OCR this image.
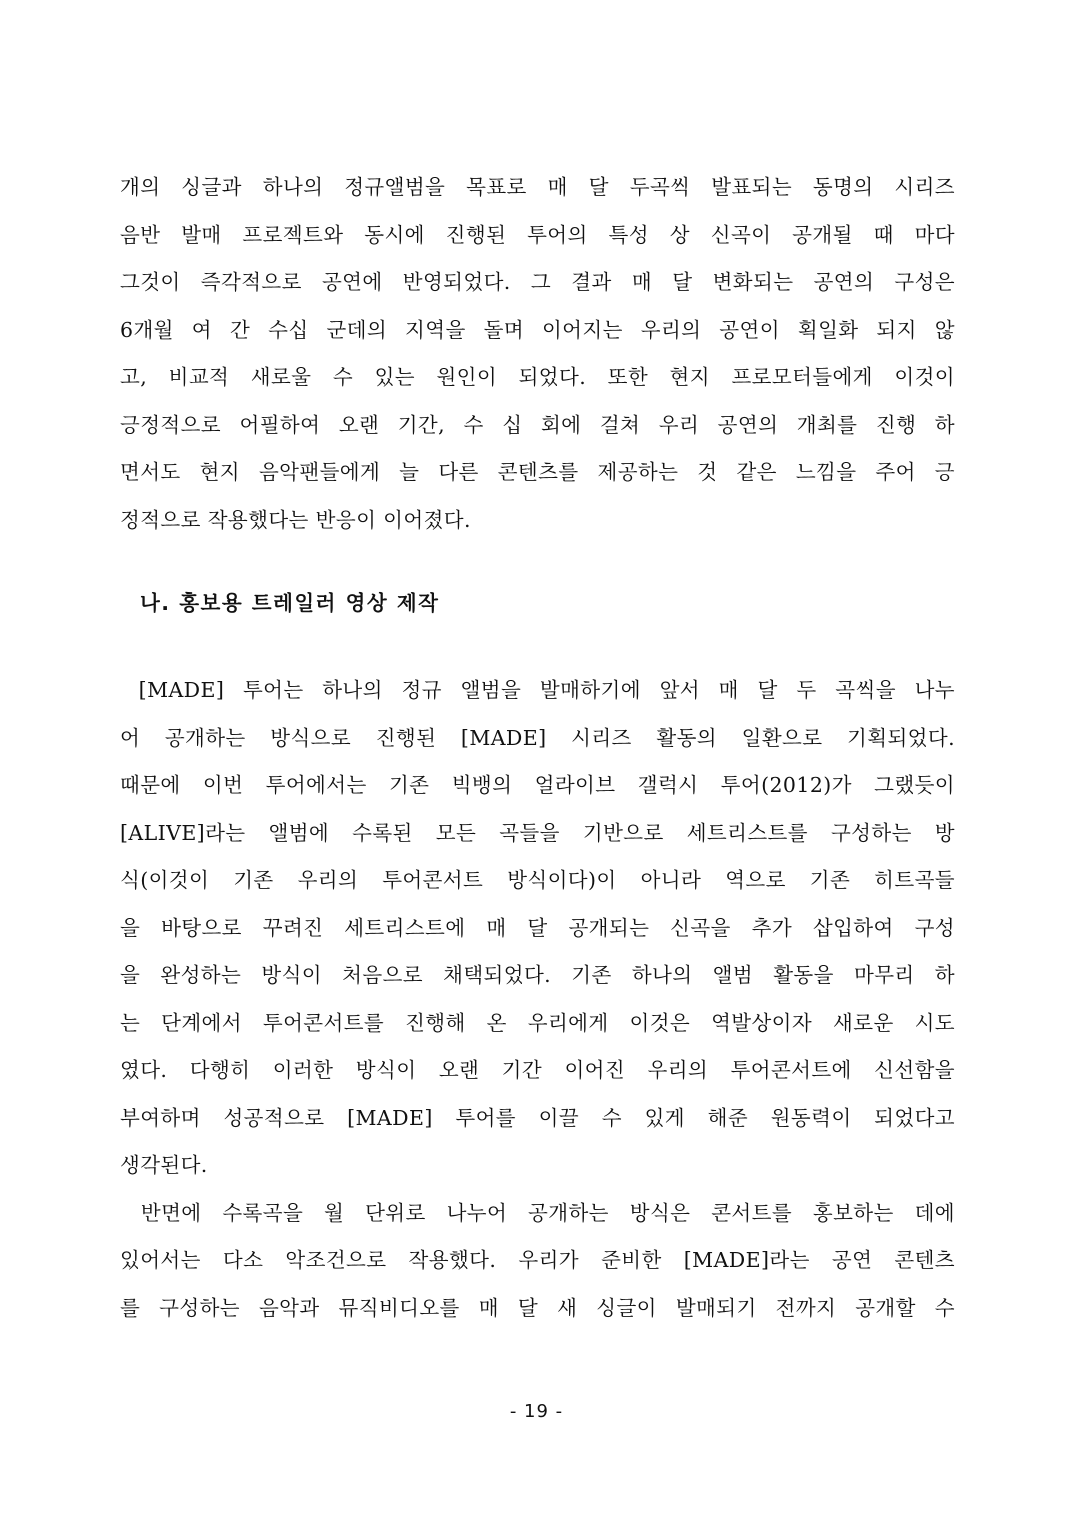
개의 싱글과 하나의 정규앨범을 목표로 매 달 두곡씩 발표되는 동명의 시리즈
음반 발매 프로젝트와 동시에 진행된 투어의 특성 상 신곡이 공개될 때 마다
그것이 즉각적으로 공연에 반영되었다. 그 결과 매 달 변화되는 공연의 구성은
6개월 여 간 수십 군데의 지역을 돌며 이어지는 우리의 공연이 획일화 되지 않
고, 비교적 새로울 수 있는 원인이 되었다. 또한 현지 프로모터들에게 이것이
긍정적으로 어필하여 오랜 기간, 수 십 회에 걸쳐 우리 공연의 개최를 진행 하
면서도 현지 음악팬들에게 늘 다른 콘텐츠를 제공하는 것 같은 느낌을 주어 긍
정적으로 작용했다는 반응이 이어졌다.
나. 홍보용 트레일러 영상 제작
[MADE] 투어는 하나의 정규 앨범을 발매하기에 앞서 매 달 두 곡씩을 나누
어 공개하는 방식으로 진행된 [MADE] 시리즈 활동의 일환으로 기획되었다.
때문에 이번 투어에서는 기존 빅뱅의 얼라이브 갤럭시 투어(2012)가 그랬듯이
[ALIVE]라는 앨범에 수록된 모든 곡들을 기반으로 세트리스트를 구성하는 방
식(이것이 기존 우리의 투어콘서트 방식이다)이 아니라 역으로 기존 히트곡들
을 바탕으로 꾸려진 세트리스트에 매 달 공개되는 신곡을 추가 삽입하여 구성
을 완성하는 방식이 처음으로 채택되었다. 기존 하나의 앨범 활동을 마무리 하
는 단계에서 투어콘서트를 진행해 온 우리에게 이것은 역발상이자 새로운 시도
였다. 다행히 이러한 방식이 오랜 기간 이어진 우리의 투어콘서트에 신선함을
부여하며 성공적으로 [MADE] 투어를 이끌 수 있게 해준 원동력이 되었다고
생각된다.
반면에 수록곡을 월 단위로 나누어 공개하는 방식은 콘서트를 홍보하는 데에
있어서는 다소 악조건으로 작용했다. 우리가 준비한 [MADE]라는 공연 콘텐츠
를 구성하는 음악과 뮤직비디오를 매 달 새 싱글이 발매되기 전까지 공개할 수
- 19 -
